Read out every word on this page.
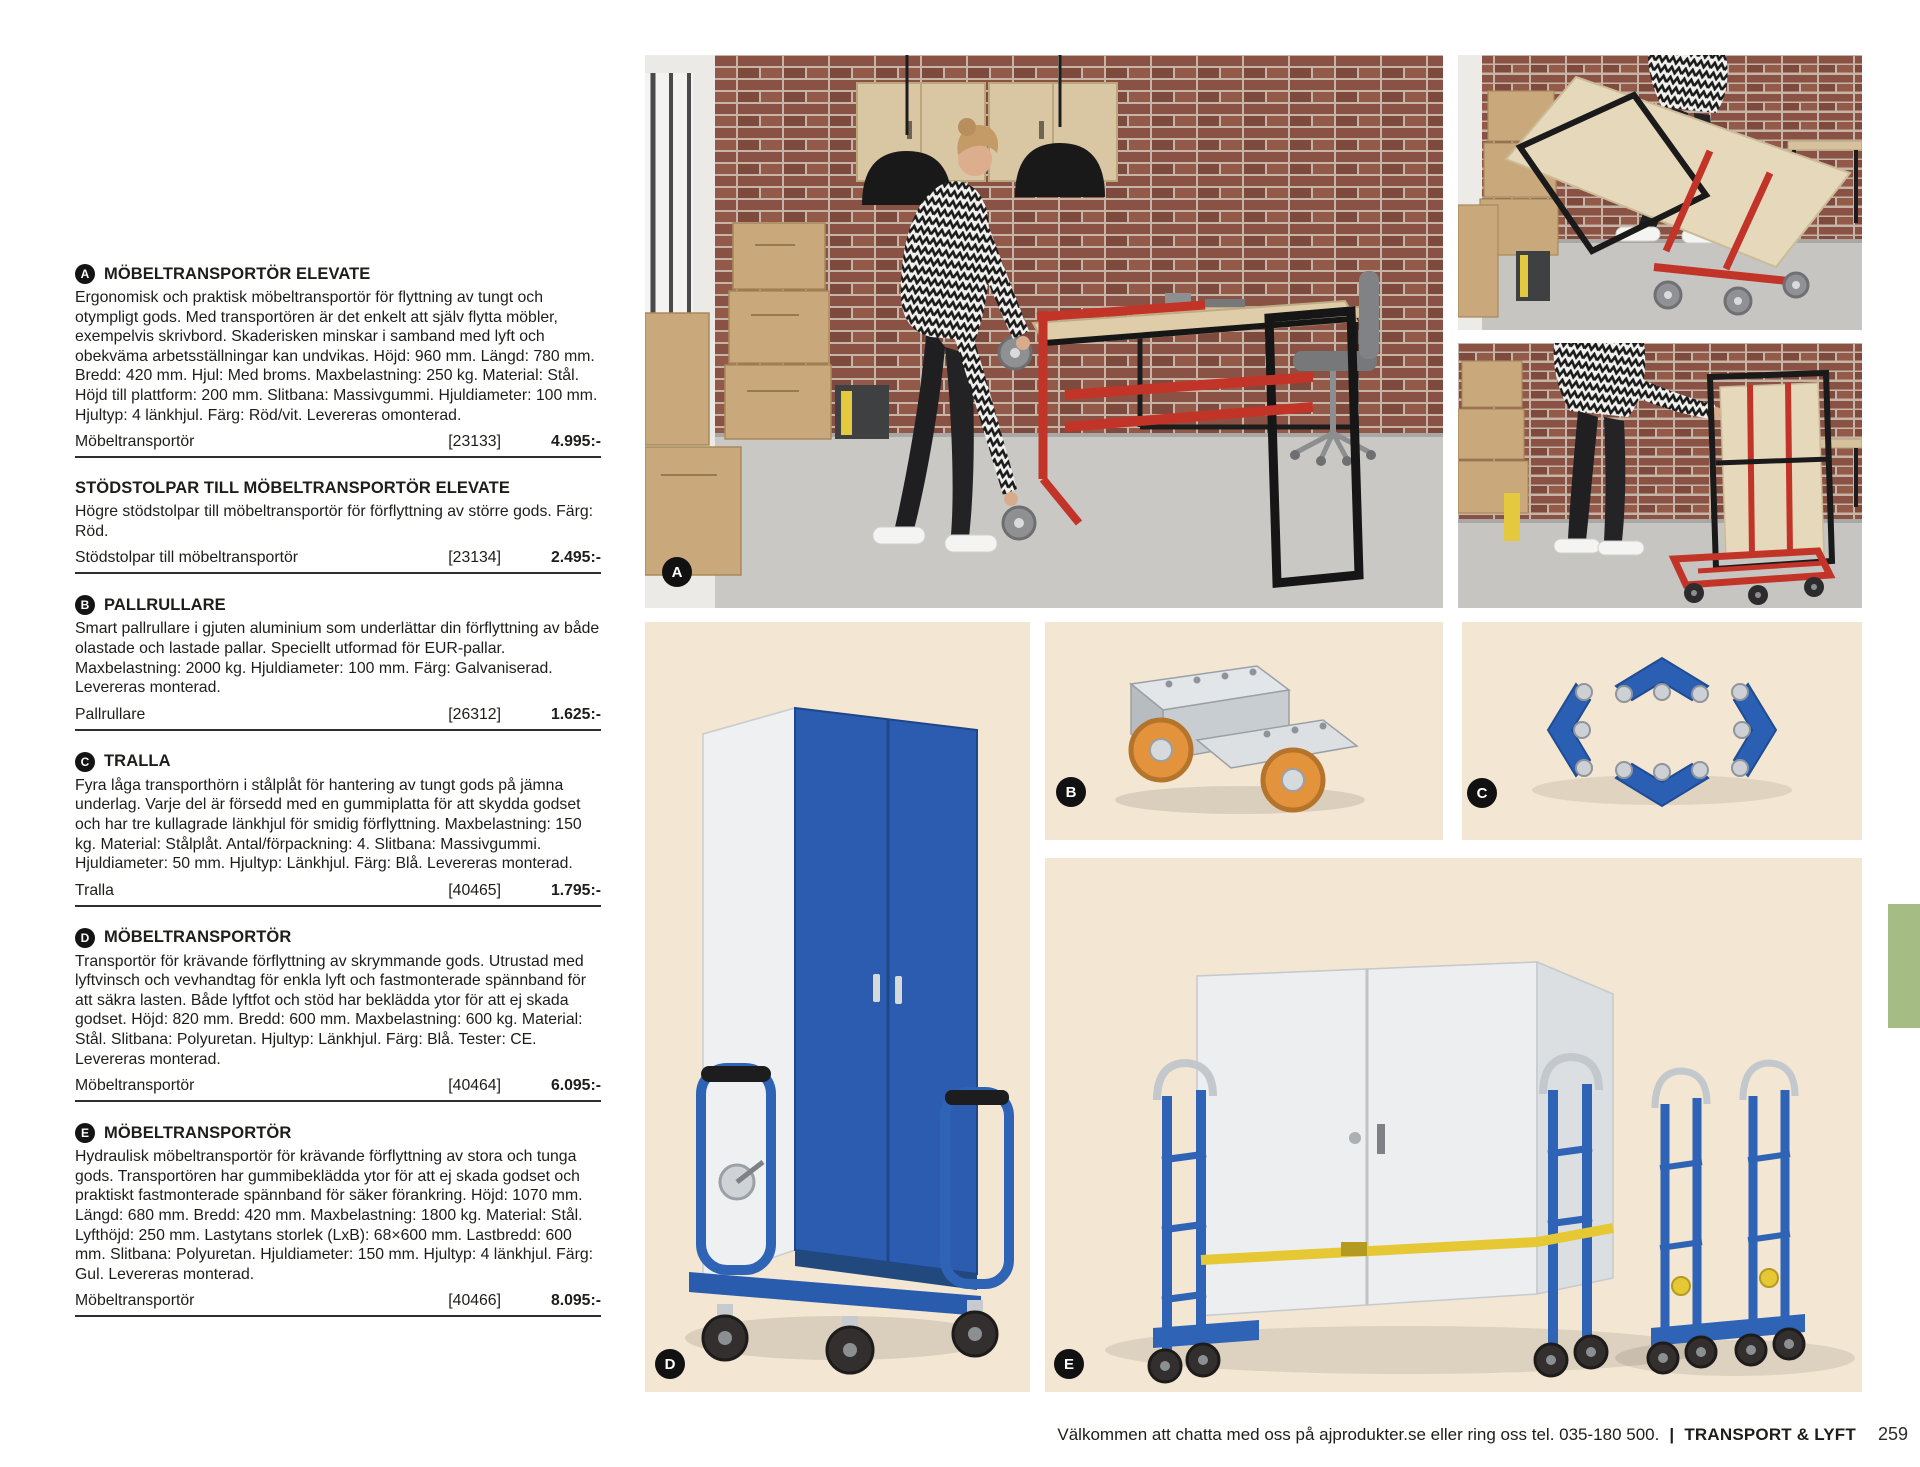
A MÖBELTRANSPORTÖR ELEVATE
Ergonomisk och praktisk möbeltransportör för flyttning av tungt och otympligt gods. Med transportören är det enkelt att själv flytta möbler, exempelvis skrivbord. Skaderisken minskar i samband med lyft och obekväma arbetsställningar kan undvikas. Höjd: 960 mm. Längd: 780 mm. Bredd: 420 mm. Hjul: Med broms. Maxbelastning: 250 kg. Material: Stål. Höjd till plattform: 200 mm. Slitbana: Massivgummi. Hjuldiameter: 100 mm. Hjultyp: 4 länkhjul. Färg: Röd/vit. Levereras omonterad.
Möbeltransportör	[23133]	4.995:-
STÖDSTOLPAR TILL MÖBELTRANSPORTÖR ELEVATE
Högre stödstolpar till möbeltransportör för förflyttning av större gods. Färg: Röd.
Stödstolpar till möbeltransportör	[23134]	2.495:-
B PALLRULLARE
Smart pallrullare i gjuten aluminium som underlättar din förflyttning av både olastade och lastade pallar. Speciellt utformad för EUR-pallar. Maxbelastning: 2000 kg. Hjuldiameter: 100 mm. Färg: Galvaniserad. Levereras monterad.
Pallrullare	[26312]	1.625:-
C TRALLA
Fyra låga transporthörn i stålplåt för hantering av tungt gods på jämna underlag. Varje del är försedd med en gummiplatta för att skydda godset och har tre kullagrade länkhjul för smidig förflyttning. Maxbelastning: 150 kg. Material: Stålplåt. Antal/förpackning: 4. Slitbana: Massivgummi. Hjuldiameter: 50 mm. Hjultyp: Länkhjul. Färg: Blå. Levereras monterad.
Tralla	[40465]	1.795:-
D MÖBELTRANSPORTÖR
Transportör för krävande förflyttning av skrymmande gods. Utrustad med lyftvinsch och vevhandtag för enkla lyft och fastmonterade spännband för att säkra lasten. Både lyftfot och stöd har beklädda ytor för att ej skada godset. Höjd: 820 mm. Bredd: 600 mm. Maxbelastning: 600 kg. Material: Stål. Slitbana: Polyuretan. Hjultyp: Länkhjul. Färg: Blå. Tester: CE. Levereras monterad.
Möbeltransportör	[40464]	6.095:-
E MÖBELTRANSPORTÖR
Hydraulisk möbeltransportör för krävande förflyttning av stora och tunga gods. Transportören har gummibeklädda ytor för att ej skada godset och praktiskt fastmonterade spännband för säker förankring. Höjd: 1070 mm. Längd: 680 mm. Bredd: 420 mm. Maxbelastning: 1800 kg. Material: Stål. Lyfthöjd: 250 mm. Lastytans storlek (LxB): 68×600 mm. Lastbredd: 600 mm. Slitbana: Polyuretan. Hjuldiameter: 150 mm. Hjultyp: 4 länkhjul. Färg: Gul. Levereras monterad.
Möbeltransportör	[40466]	8.095:-
A
B	C
D	E
Välkommen att chatta med oss på ajprodukter.se eller ring oss tel. 035-180 500. | TRANSPORT & LYFT 259
